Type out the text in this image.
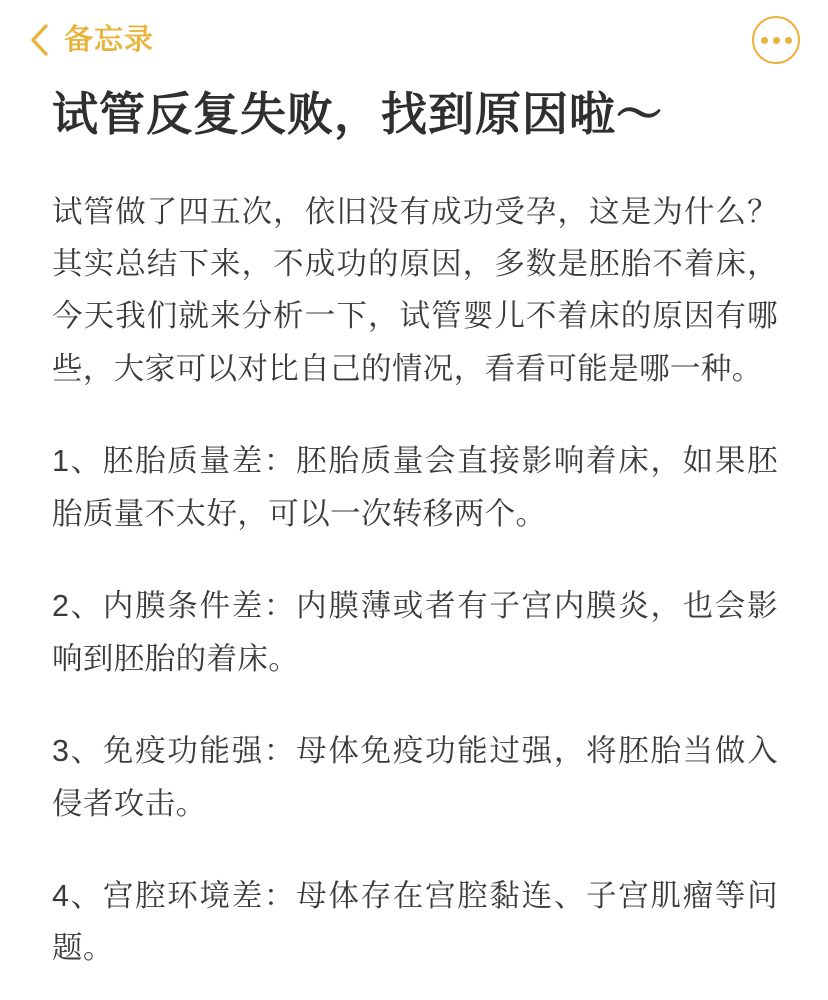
备忘录
试管反复失败，找到原因啦～

试管做了四五次，依旧没有成功受孕，这是为什么？其实总结下来，不成功的原因，多数是胚胎不着床，今天我们就来分析一下，试管婴儿不着床的原因有哪些，大家可以对比自己的情况，看看可能是哪一种。

1、胚胎质量差：胚胎质量会直接影响着床，如果胚胎质量不太好，可以一次转移两个。

2、内膜条件差：内膜薄或者有子宫内膜炎，也会影响到胚胎的着床。

3、免疫功能强：母体免疫功能过强，将胚胎当做入侵者攻击。

4、宫腔环境差：母体存在宫腔黏连、子宫肌瘤等问题。
